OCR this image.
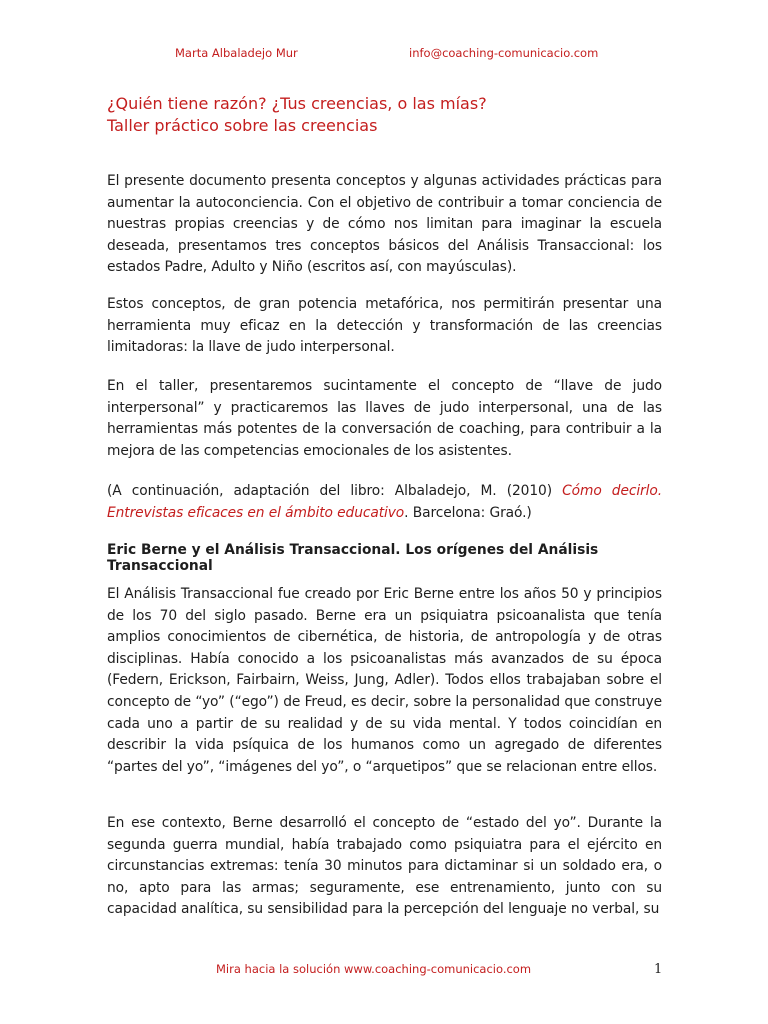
Marta Albaladejo Mur	info@coaching-comunicacio.com
¿Quién tiene razón? ¿Tus creencias, o las mías?
Taller práctico sobre las creencias
El presente documento presenta conceptos y algunas actividades prácticas para aumentar la autoconciencia. Con el objetivo de contribuir a tomar conciencia de nuestras propias creencias y de cómo nos limitan para imaginar la escuela deseada, presentamos tres conceptos básicos del Análisis Transaccional: los estados Padre, Adulto y Niño (escritos así, con mayúsculas).
Estos conceptos, de gran potencia metafórica, nos permitirán presentar una herramienta muy eficaz en la detección y transformación de las creencias limitadoras: la llave de judo interpersonal.
En el taller, presentaremos sucintamente el concepto de “llave de judo interpersonal” y practicaremos las llaves de judo interpersonal, una de las herramientas más potentes de la conversación de coaching, para contribuir a la mejora de las competencias emocionales de los asistentes.
(A continuación, adaptación del libro: Albaladejo, M. (2010) Cómo decirlo. Entrevistas eficaces en el ámbito educativo. Barcelona: Graó.)
Eric Berne y el Análisis Transaccional. Los orígenes del Análisis Transaccional
El Análisis Transaccional fue creado por Eric Berne entre los años 50 y principios de los 70 del siglo pasado. Berne era un psiquiatra psicoanalista que tenía amplios conocimientos de cibernética, de historia, de antropología y de otras disciplinas. Había conocido a los psicoanalistas más avanzados de su época (Federn, Erickson, Fairbairn, Weiss, Jung, Adler). Todos ellos trabajaban sobre el concepto de “yo” (“ego”) de Freud, es decir, sobre la personalidad que construye cada uno a partir de su realidad y de su vida mental. Y todos coincidían en describir la vida psíquica de los humanos como un agregado de diferentes “partes del yo”, “imágenes del yo”, o “arquetipos” que se relacionan entre ellos.
En ese contexto, Berne desarrolló el concepto de “estado del yo”. Durante la segunda guerra mundial, había trabajado como psiquiatra para el ejército en circunstancias extremas: tenía 30 minutos para dictaminar si un soldado era, o no, apto para las armas; seguramente, ese entrenamiento, junto con su capacidad analítica, su sensibilidad para la percepción del lenguaje no verbal, su
Mira hacia la solución www.coaching-comunicacio.com	1
